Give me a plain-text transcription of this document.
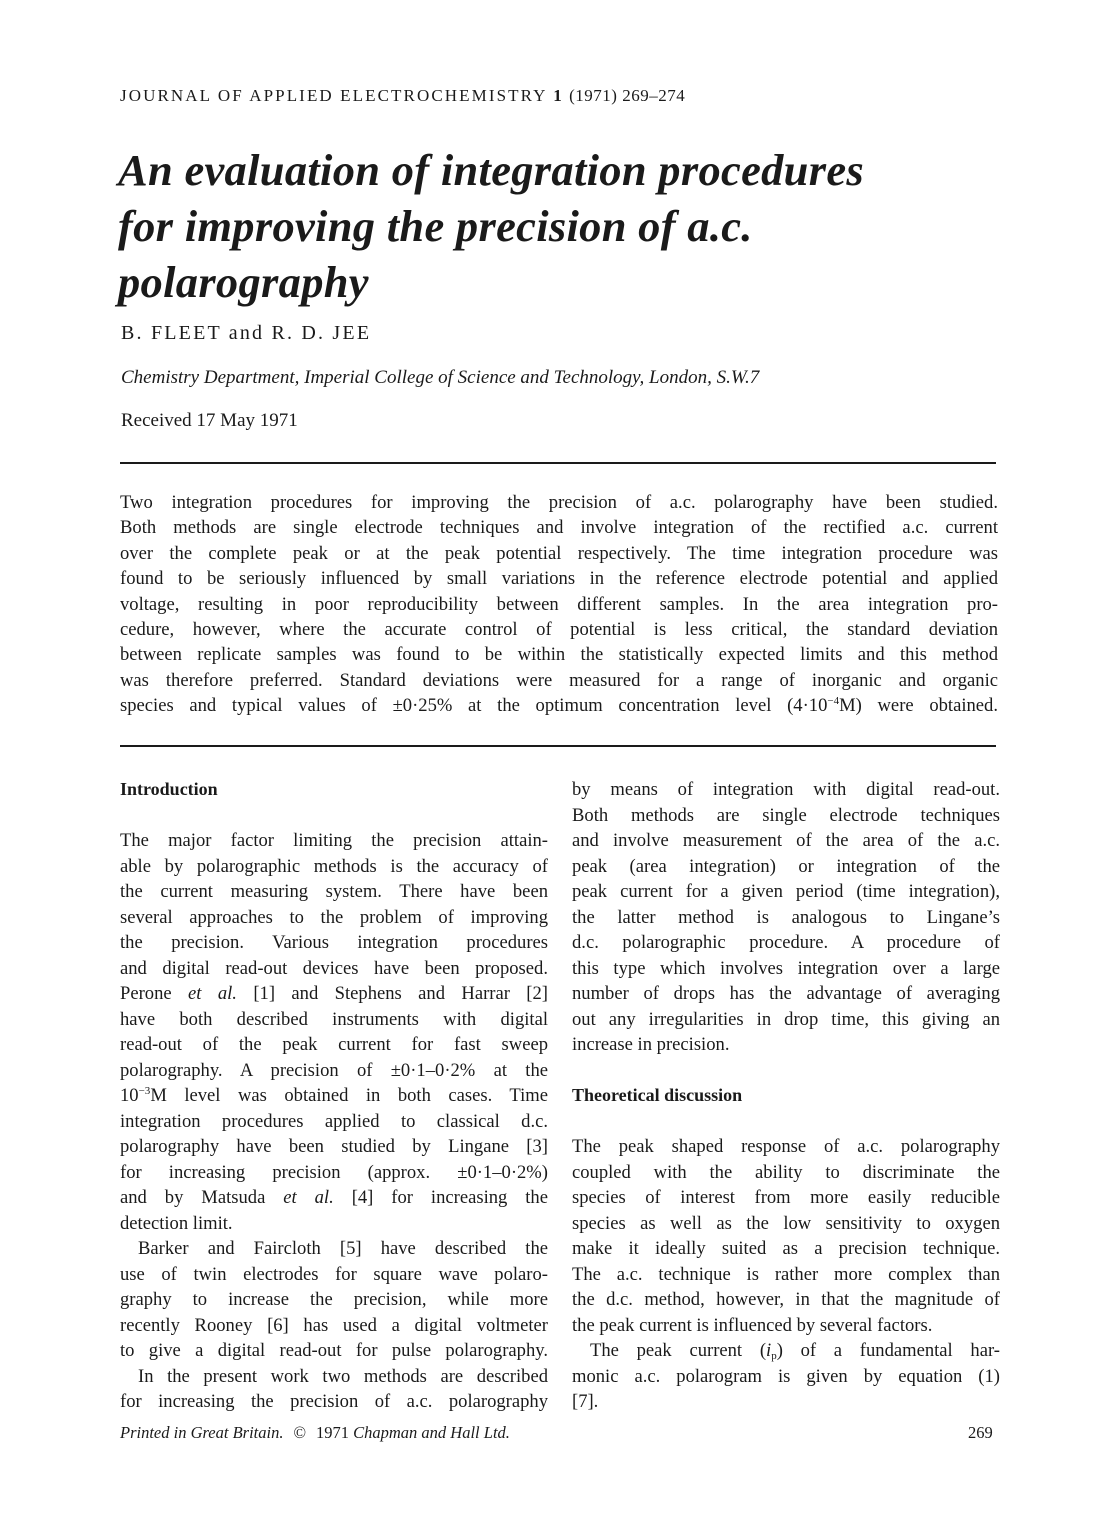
JOURNAL OF APPLIED ELECTROCHEMISTRY 1 (1971) 269–274
An evaluation of integration procedures
for improving the precision of a.c.
polarography
B. FLEET and R. D. JEE
Chemistry Department, Imperial College of Science and Technology, London, S.W.7
Received 17 May 1971
Two integration procedures for improving the precision of a.c. polarography have been studied.
Both methods are single electrode techniques and involve integration of the rectified a.c. current
over the complete peak or at the peak potential respectively. The time integration procedure was
found to be seriously influenced by small variations in the reference electrode potential and applied
voltage, resulting in poor reproducibility between different samples. In the area integration pro-
cedure, however, where the accurate control of potential is less critical, the standard deviation
between replicate samples was found to be within the statistically expected limits and this method
was therefore preferred. Standard deviations were measured for a range of inorganic and organic
species and typical values of ±0·25% at the optimum concentration level $(4\cdot 10^{-4}M)$ were obtained.
Introduction
The major factor limiting the precision attain-
able by polarographic methods is the accuracy of
the current measuring system. There have been
several approaches to the problem of improving
the precision. Various integration procedures
and digital read-out devices have been proposed.
Perone et al. [1] and Stephens and Harrar [2]
have both described instruments with digital
read-out of the peak current for fast sweep
polarography. A precision of ±0·1–0·2% at the
$10^{-3}M$ level was obtained in both cases. Time
integration procedures applied to classical d.c.
polarography have been studied by Lingane [3]
for increasing precision (approx. ±0·1–0·2%)
and by Matsuda et al. [4] for increasing the
detection limit.
Barker and Faircloth [5] have described the
use of twin electrodes for square wave polaro-
graphy to increase the precision, while more
recently Rooney [6] has used a digital voltmeter
to give a digital read-out for pulse polarography.
In the present work two methods are described
for increasing the precision of a.c. polarography
by means of integration with digital read-out.
Both methods are single electrode techniques
and involve measurement of the area of the a.c.
peak (area integration) or integration of the
peak current for a given period (time integration),
the latter method is analogous to Lingane’s
d.c. polarographic procedure. A procedure of
this type which involves integration over a large
number of drops has the advantage of averaging
out any irregularities in drop time, this giving an
increase in precision.
Theoretical discussion
The peak shaped response of a.c. polarography
coupled with the ability to discriminate the
species of interest from more easily reducible
species as well as the low sensitivity to oxygen
make it ideally suited as a precision technique.
The a.c. technique is rather more complex than
the d.c. method, however, in that the magnitude of
the peak current is influenced by several factors.
The peak current $(i_p)$ of a fundamental har-
monic a.c. polarogram is given by equation (1)
[7].
Printed in Great Britain. © 1971 Chapman and Hall Ltd.	269
